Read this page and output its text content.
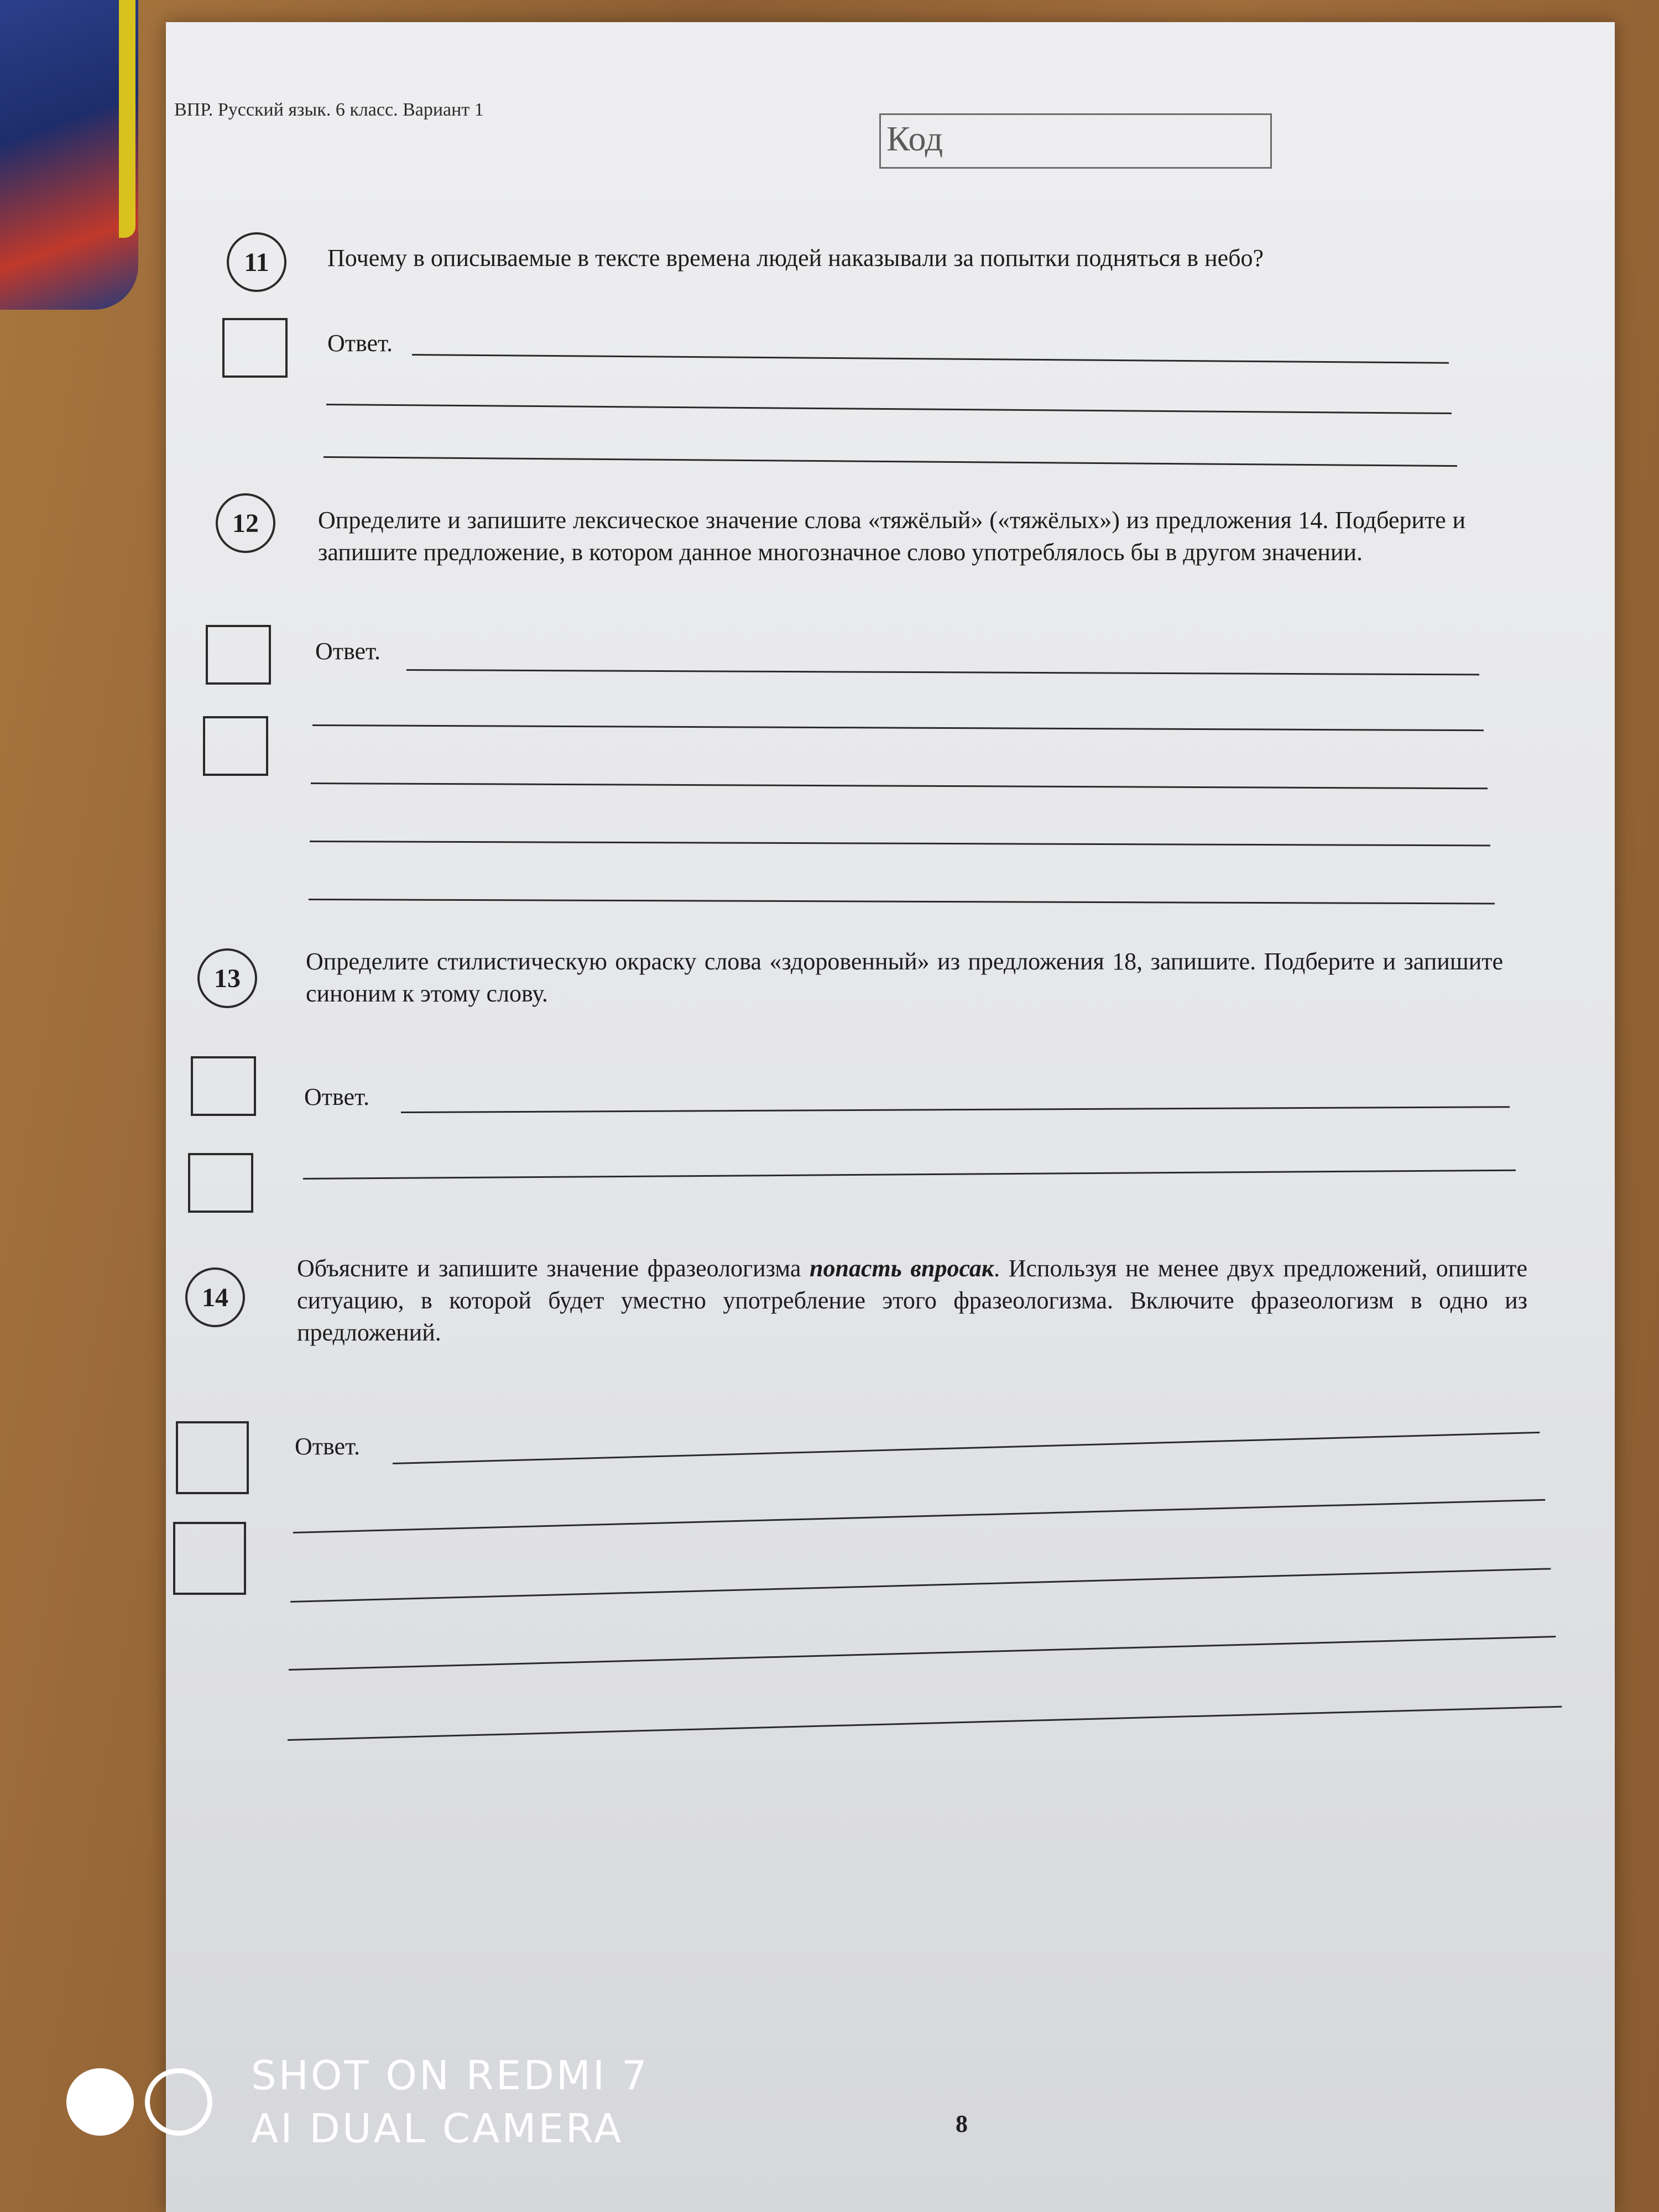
ВПР. Русский язык. 6 класс. Вариант 1
Код
11	Почему в описываемые в тексте времена людей наказывали за попытки подняться в небо?
Ответ.
12	Определите и запишите лексическое значение слова «тяжёлый» («тяжёлых») из предложения 14. Подберите и запишите предложение, в котором данное многозначное слово употреблялось бы в другом значении.
Ответ.
13
Определите стилистическую окраску слова «здоровенный» из предложения 18, запишите. Подберите и запишите синоним к этому слову.
Ответ.
14
Объясните и запишите значение фразеологизма попасть впросак. Используя не менее двух предложений, опишите ситуацию, в которой будет уместно употребление этого фразеологизма. Включите фразеологизм в одно из предложений.
Ответ.
8
SHOT ON REDMI 7
AI DUAL CAMERA
